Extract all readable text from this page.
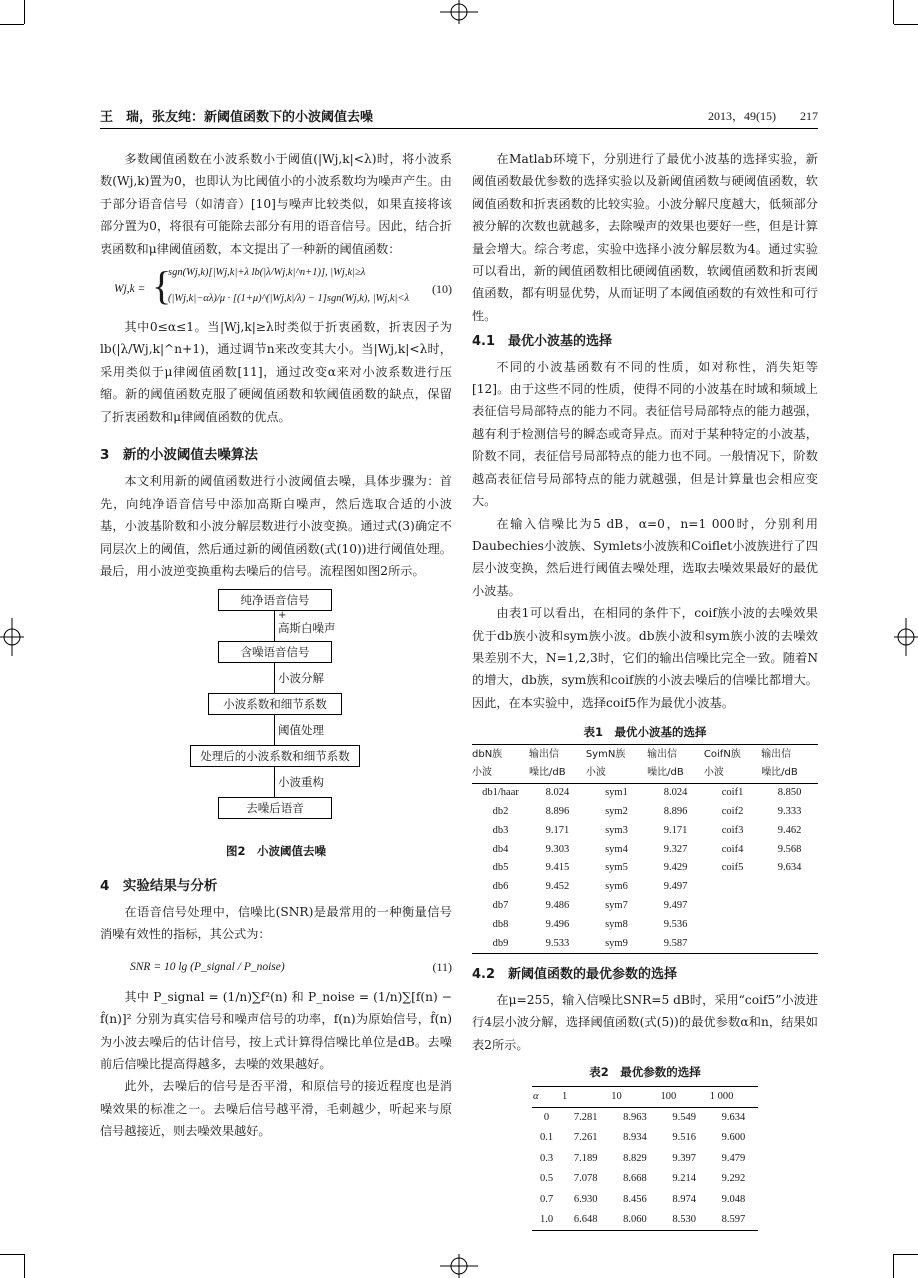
王　瑞，张友纯：新阈值函数下的小波阈值去噪	2013，49(15)　　217

多数阈值函数在小波系数小于阈值(|Wj,k|<λ)时，将小波系数(Wj,k)置为0，也即认为比阈值小的小波系数均为噪声产生。由于部分语音信号（如清音）[10]与噪声比较类似，如果直接将该部分置为0，将很有可能除去部分有用的语音信号。因此，结合折衷函数和μ律阈值函数，本文提出了一种新的阈值函数：

Wj,k = {
sgn(Wj,k)[|Wj,k|+λ lb(|λ/Wj,k|^n+1)], |Wj,k|≥λ
(|Wj,k|−αλ)/μ · [(1+μ)^(|Wj,k|/λ) − 1]sgn(Wj,k), |Wj,k|<λ
(10)

其中0≤α≤1。当|Wj,k|≥λ时类似于折衷函数，折衷因子为lb(|λ/Wj,k|^n+1)，通过调节n来改变其大小。当|Wj,k|<λ时，采用类似于μ律阈值函数[11]，通过改变α来对小波系数进行压缩。新的阈值函数克服了硬阈值函数和软阈值函数的缺点，保留了折衷函数和μ律阈值函数的优点。

3　新的小波阈值去噪算法

本文利用新的阈值函数进行小波阈值去噪，具体步骤为：首先，向纯净语音信号中添加高斯白噪声，然后选取合适的小波基，小波基阶数和小波分解层数进行小波变换。通过式(3)确定不同层次上的阈值，然后通过新的阈值函数(式(10))进行阈值处理。最后，用小波逆变换重构去噪后的信号。流程图如图2所示。

纯净语音信号
+
高斯白噪声
含噪语音信号
小波分解
小波系数和细节系数
阈值处理
处理后的小波系数和细节系数
小波重构
去噪后语音
图2　小波阈值去噪
4　实验结果与分析

在语音信号处理中，信噪比(SNR)是最常用的一种衡量信号消噪有效性的指标，其公式为：

SNR = 10 lg (P_signal / P_noise)	(11)

其中 P_signal = (1/n)∑f²(n) 和 P_noise = (1/n)∑[f(n) − f̂(n)]² 分别为真实信号和噪声信号的功率，f(n)为原始信号，f̂(n)为小波去噪后的估计信号，按上式计算得信噪比单位是dB。去噪前后信噪比提高得越多，去噪的效果越好。

此外，去噪后的信号是否平滑，和原信号的接近程度也是消噪效果的标准之一。去噪后信号越平滑，毛刺越少，听起来与原信号越接近，则去噪效果越好。

在Matlab环境下，分别进行了最优小波基的选择实验，新阈值函数最优参数的选择实验以及新阈值函数与硬阈值函数，软阈值函数和折衷函数的比较实验。小波分解尺度越大，低频部分被分解的次数也就越多，去除噪声的效果也要好一些，但是计算量会增大。综合考虑，实验中选择小波分解层数为4。通过实验可以看出，新的阈值函数相比硬阈值函数，软阈值函数和折衷阈值函数，都有明显优势，从而证明了本阈值函数的有效性和可行性。

4.1　最优小波基的选择

不同的小波基函数有不同的性质，如对称性，消失矩等[12]。由于这些不同的性质，使得不同的小波基在时域和频域上表征信号局部特点的能力不同。表征信号局部特点的能力越强，越有利于检测信号的瞬态或奇异点。而对于某种特定的小波基，阶数不同，表征信号局部特点的能力也不同。一般情况下，阶数越高表征信号局部特点的能力就越强，但是计算量也会相应变大。

在输入信噪比为5 dB，α=0，n=1 000时，分别利用Daubechies小波族、Symlets小波族和Coiflet小波族进行了四层小波变换，然后进行阈值去噪处理，选取去噪效果最好的最优小波基。

由表1可以看出，在相同的条件下，coif族小波的去噪效果优于db族小波和sym族小波。db族小波和sym族小波的去噪效果差别不大，N=1,2,3时，它们的输出信噪比完全一致。随着N的增大，db族，sym族和coif族的小波去噪后的信噪比都增大。因此，在本实验中，选择coif5作为最优小波基。

表1　最优小波基的选择
dbN族	输出信	SymN族	输出信	CoifN族	输出信
小波	噪比/dB	小波	噪比/dB	小波	噪比/dB
db1/haar	8.024	sym1	8.024	coif1	8.850
db2	8.896	sym2	8.896	coif2	9.333
db3	9.171	sym3	9.171	coif3	9.462
db4	9.303	sym4	9.327	coif4	9.568
db5	9.415	sym5	9.429	coif5	9.634
db6	9.452	sym6	9.497		
db7	9.486	sym7	9.497		
db8	9.496	sym8	9.536		
db9	9.533	sym9	9.587		
4.2　新阈值函数的最优参数的选择

在μ=255，输入信噪比SNR=5 dB时，采用“coif5”小波进行4层小波分解，选择阈值函数(式(5))的最优参数α和n，结果如表2所示。

表2　最优参数的选择
α	1	10	100	1 000
0	7.281	8.963	9.549	9.634
0.1	7.261	8.934	9.516	9.600
0.3	7.189	8.829	9.397	9.479
0.5	7.078	8.668	9.214	9.292
0.7	6.930	8.456	8.974	9.048
1.0	6.648	8.060	8.530	8.597
